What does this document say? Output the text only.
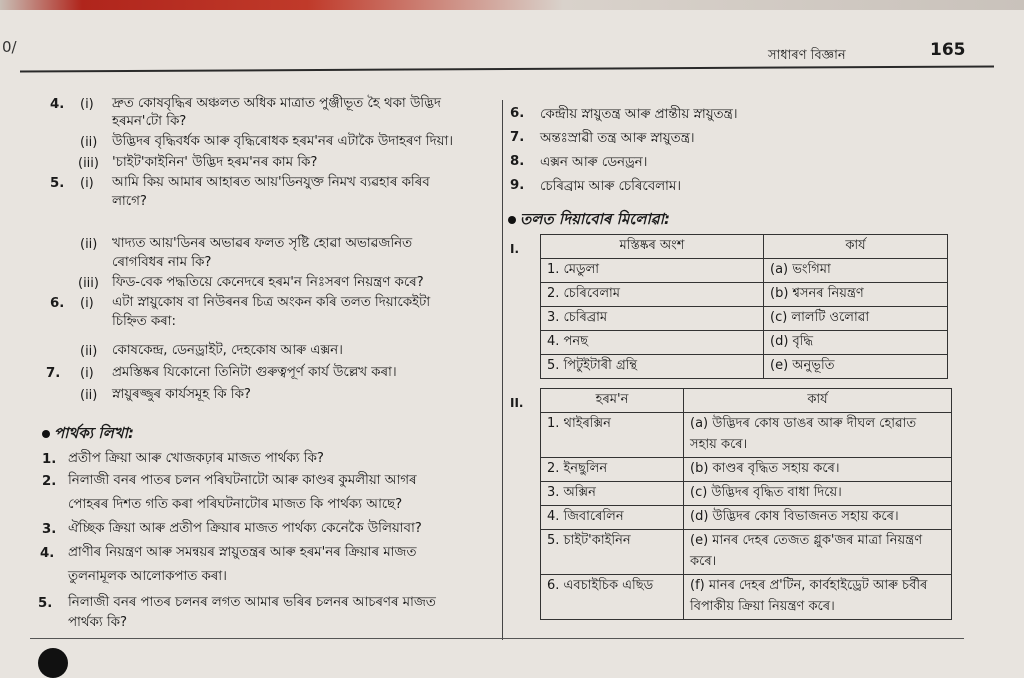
0/	সাধাৰণ বিজ্ঞান	165
4. (i) দ্ৰুত কোষবৃদ্ধিৰ অঞ্চলত অধিক মাত্ৰাত পুঞ্জীভূত হৈ থকা উদ্ভিদ
হৰমন'টো কি?
(ii) উদ্ভিদৰ বৃদ্ধিবৰ্ধক আৰু বৃদ্ধিৰোধক হৰম'নৰ এটাকৈ উদাহৰণ দিয়া।
(iii) 'চাইট'কাইনিন' উদ্ভিদ হৰম'নৰ কাম কি?
5. (i) আমি কিয় আমাৰ আহাৰত আয়'ডিনযুক্ত নিমখ ব্যৱহাৰ কৰিব
লাগে?
(ii) খাদ্যত আয়'ডিনৰ অভাৱৰ ফলত সৃষ্টি হোৱা অভাৱজনিত
ৰোগবিধৰ নাম কি?
(iii) ফিড-বেক পদ্ধতিয়ে কেনেদৰে হৰম'ন নিঃসৰণ নিয়ন্ত্ৰণ কৰে?
6. (i) এটা স্নায়ুকোষ বা নিউৰনৰ চিত্ৰ অংকন কৰি তলত দিয়াকেইটা
চিহ্নিত কৰা:
(ii) কোষকেন্দ্ৰ, ডেনড্ৰাইট, দেহকোষ আৰু এক্সন।
7. (i) প্ৰমস্তিষ্কৰ যিকোনো তিনিটা গুৰুত্বপূৰ্ণ কাৰ্য উল্লেখ কৰা।
(ii) স্নায়ুৰজ্জুৰ কাৰ্যসমূহ কি কি?
পাৰ্থক্য লিখা:
1. প্ৰতীপ ক্ৰিয়া আৰু খোজকঢ়াৰ মাজত পাৰ্থক্য কি?
2. নিলাজী বনৰ পাতৰ চলন পৰিঘটনাটো আৰু কাণ্ডৰ কুমলীয়া আগৰ
পোহৰৰ দিশত গতি কৰা পৰিঘটনাটোৰ মাজত কি পাৰ্থক্য আছে?
3. ঐচ্ছিক ক্ৰিয়া আৰু প্ৰতীপ ক্ৰিয়াৰ মাজত পাৰ্থক্য কেনেকৈ উলিয়াবা?
4. প্ৰাণীৰ নিয়ন্ত্ৰণ আৰু সমন্বয়ৰ স্নায়ুতন্ত্ৰৰ আৰু হৰম'নৰ ক্ৰিয়াৰ মাজত
তুলনামূলক আলোকপাত কৰা।
5. নিলাজী বনৰ পাতৰ চলনৰ লগত আমাৰ ভৰিৰ চলনৰ আচৰণৰ মাজত
পাৰ্থক্য কি?
6. কেন্দ্ৰীয় স্নায়ুতন্ত্ৰ আৰু প্ৰান্তীয় স্নায়ুতন্ত্ৰ।
7. অন্তঃস্ৰাৱী তন্ত্ৰ আৰু স্নায়ুতন্ত্ৰ।
8. এক্সন আৰু ডেনড্ৰন।
9. চেৰিব্ৰাম আৰু চেৰিবেলাম।
তলত দিয়াবোৰ মিলোৱা:
I.	মস্তিষ্কৰ অংশ	কাৰ্য
1. মেডুলা	(a) ভংগিমা
2. চেৰিবেলাম	(b) শ্বসনৰ নিয়ন্ত্ৰণ
3. চেৰিব্ৰাম	(c) লালটি ওলোৱা
4. পনছ	(d) বৃদ্ধি
5. পিটুইটাৰী গ্ৰন্থি	(e) অনুভূতি
II.	হৰম'ন	কাৰ্য
1. থাইৰক্সিন	(a) উদ্ভিদৰ কোষ ডাঙৰ আৰু দীঘল হোৱাত সহায় কৰে।
2. ইনছুলিন	(b) কাণ্ডৰ বৃদ্ধিত সহায় কৰে।
3. অক্সিন	(c) উদ্ভিদৰ বৃদ্ধিত বাধা দিয়ে।
4. জিবাৰেলিন	(d) উদ্ভিদৰ কোষ বিভাজনত সহায় কৰে।
5. চাইট'কাইনিন	(e) মানৰ দেহৰ তেজত গ্লুক'জৰ মাত্ৰা নিয়ন্ত্ৰণ কৰে।
6. এবচাইচিক এছিড	(f) মানৰ দেহৰ প্ৰ'টিন, কাৰ্বহাইড্ৰেট আৰু চৰ্বীৰ বিপাকীয় ক্ৰিয়া নিয়ন্ত্ৰণ কৰে।
